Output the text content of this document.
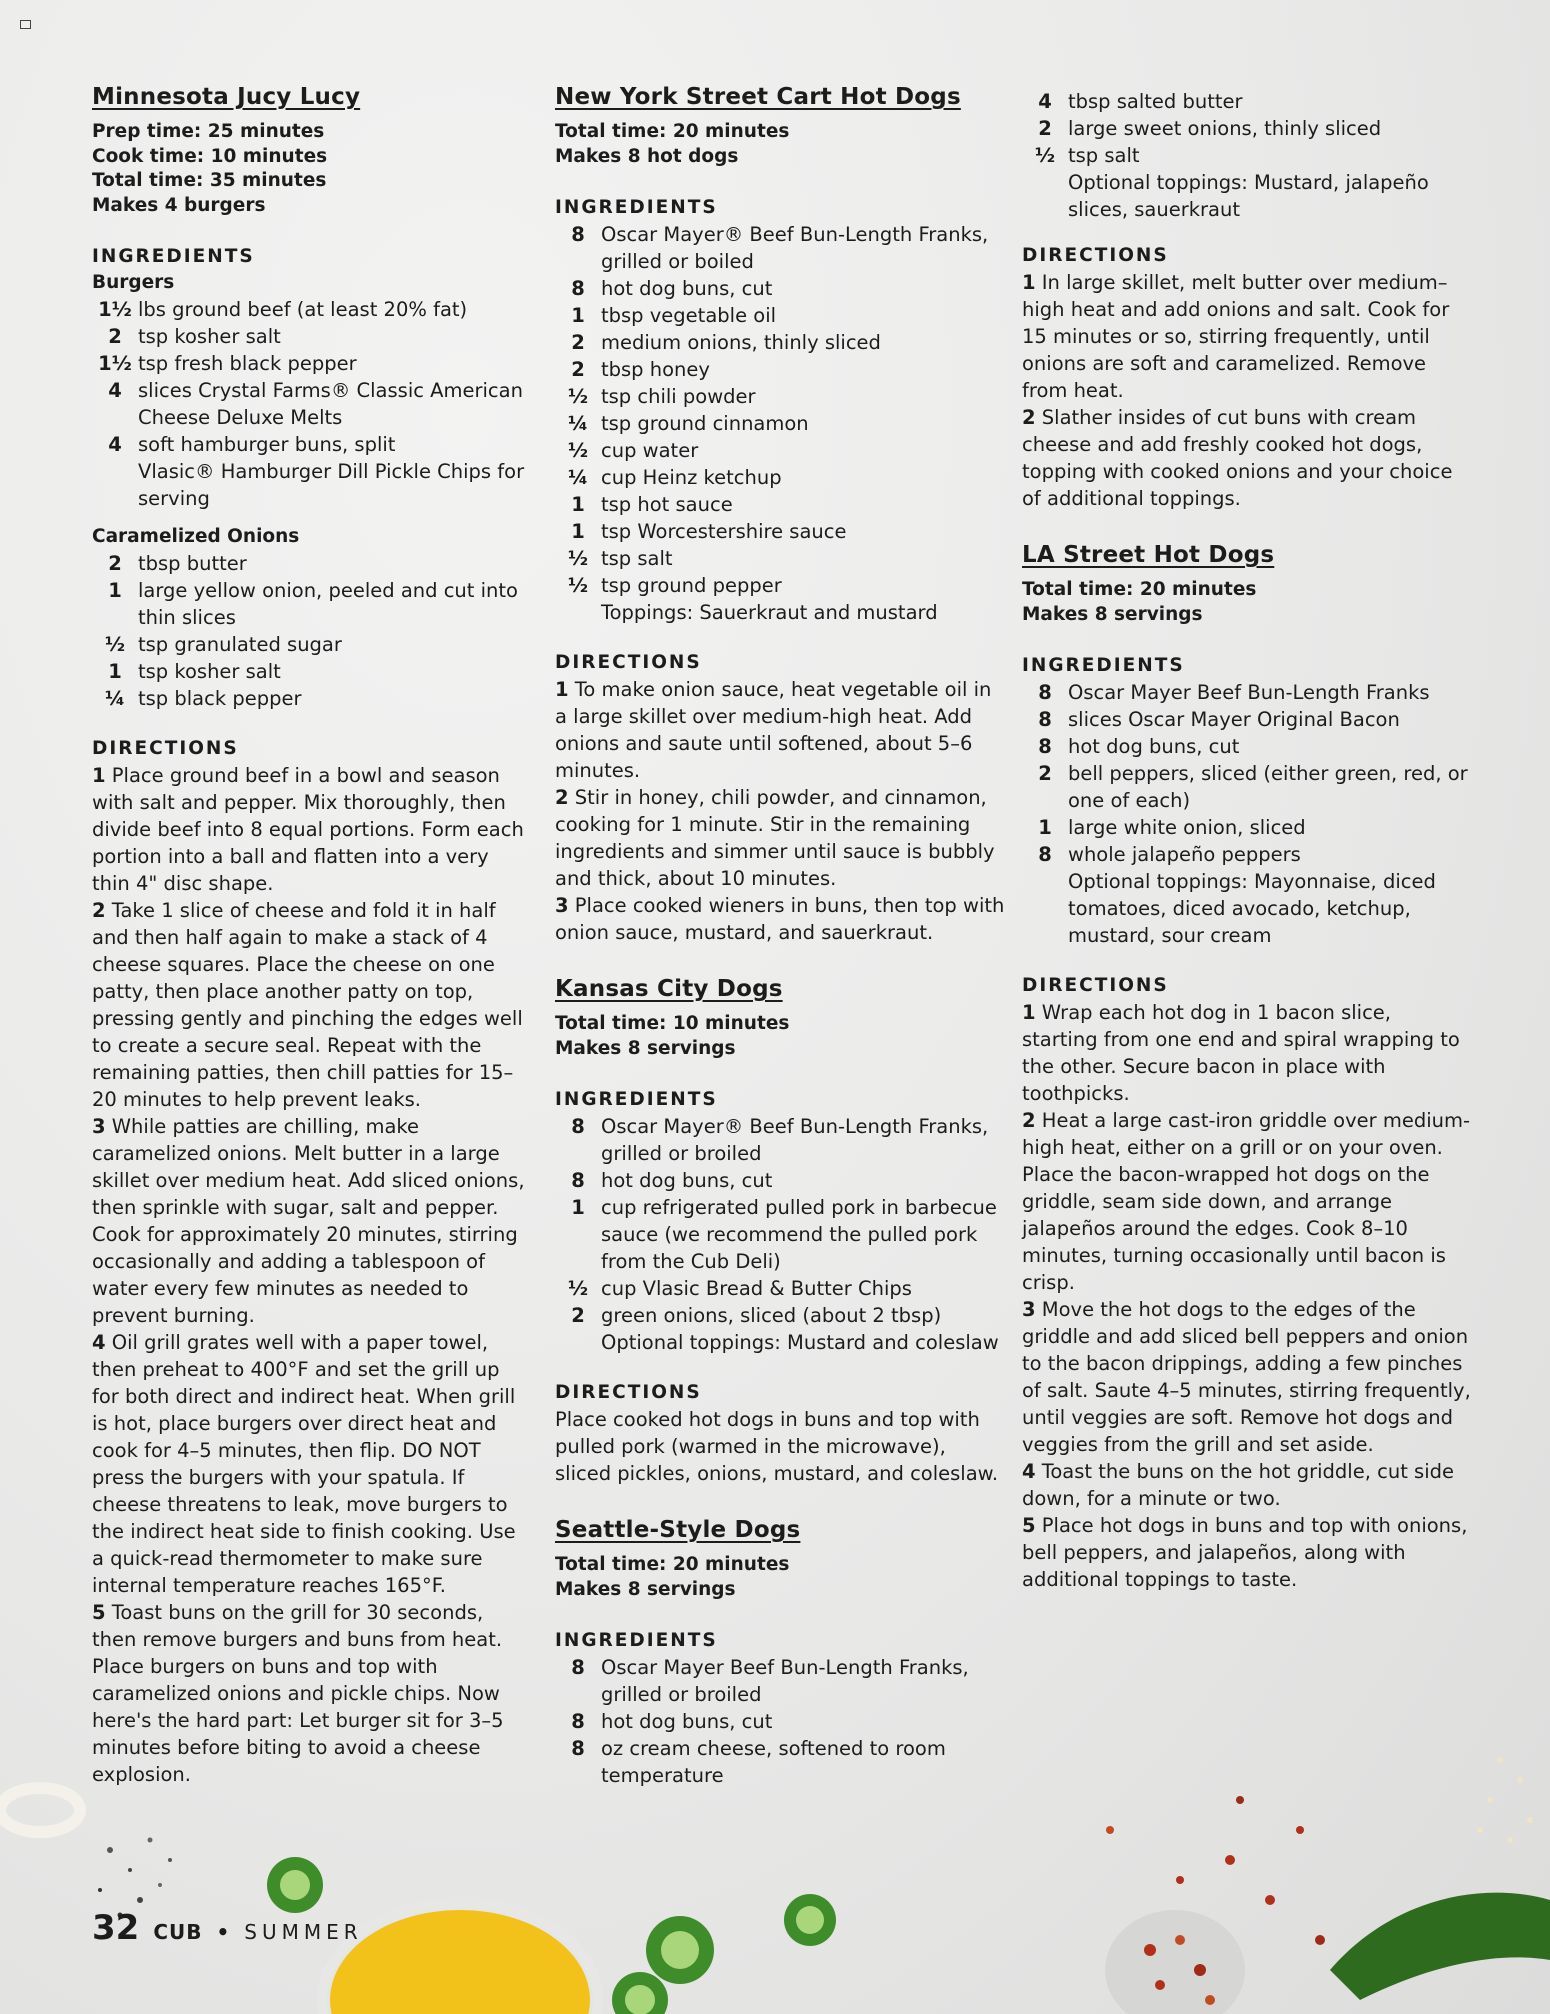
Minnesota Jucy Lucy
Prep time: 25 minutes
Cook time: 10 minutes
Total time: 35 minutes
Makes 4 burgers
INGREDIENTS
Burgers
1½ lbs ground beef (at least 20% fat)
2 tsp kosher salt
1½ tsp fresh black pepper
4 slices Crystal Farms® Classic American Cheese Deluxe Melts
4 soft hamburger buns, split
Vlasic® Hamburger Dill Pickle Chips for serving
Caramelized Onions
2 tbsp butter
1 large yellow onion, peeled and cut into thin slices
½ tsp granulated sugar
1 tsp kosher salt
¼ tsp black pepper
DIRECTIONS
1 Place ground beef in a bowl and season with salt and pepper. Mix thoroughly, then divide beef into 8 equal portions. Form each portion into a ball and flatten into a very thin 4" disc shape.
2 Take 1 slice of cheese and fold it in half and then half again to make a stack of 4 cheese squares. Place the cheese on one patty, then place another patty on top, pressing gently and pinching the edges well to create a secure seal. Repeat with the remaining patties, then chill patties for 15–20 minutes to help prevent leaks.
3 While patties are chilling, make caramelized onions. Melt butter in a large skillet over medium heat. Add sliced onions, then sprinkle with sugar, salt and pepper. Cook for approximately 20 minutes, stirring occasionally and adding a tablespoon of water every few minutes as needed to prevent burning.
4 Oil grill grates well with a paper towel, then preheat to 400°F and set the grill up for both direct and indirect heat. When grill is hot, place burgers over direct heat and cook for 4–5 minutes, then flip. DO NOT press the burgers with your spatula. If cheese threatens to leak, move burgers to the indirect heat side to finish cooking. Use a quick-read thermometer to make sure internal temperature reaches 165°F.
5 Toast buns on the grill for 30 seconds, then remove burgers and buns from heat. Place burgers on buns and top with caramelized onions and pickle chips. Now here's the hard part: Let burger sit for 3–5 minutes before biting to avoid a cheese explosion.
New York Street Cart Hot Dogs
Total time: 20 minutes
Makes 8 hot dogs
INGREDIENTS
8 Oscar Mayer® Beef Bun-Length Franks, grilled or boiled
8 hot dog buns, cut
1 tbsp vegetable oil
2 medium onions, thinly sliced
2 tbsp honey
½ tsp chili powder
¼ tsp ground cinnamon
½ cup water
¼ cup Heinz ketchup
1 tsp hot sauce
1 tsp Worcestershire sauce
½ tsp salt
½ tsp ground pepper
Toppings: Sauerkraut and mustard
DIRECTIONS
1 To make onion sauce, heat vegetable oil in a large skillet over medium-high heat. Add onions and saute until softened, about 5–6 minutes.
2 Stir in honey, chili powder, and cinnamon, cooking for 1 minute. Stir in the remaining ingredients and simmer until sauce is bubbly and thick, about 10 minutes.
3 Place cooked wieners in buns, then top with onion sauce, mustard, and sauerkraut.
Kansas City Dogs
Total time: 10 minutes
Makes 8 servings
INGREDIENTS
8 Oscar Mayer® Beef Bun-Length Franks, grilled or broiled
8 hot dog buns, cut
1 cup refrigerated pulled pork in barbecue sauce (we recommend the pulled pork from the Cub Deli)
½ cup Vlasic Bread & Butter Chips
2 green onions, sliced (about 2 tbsp)
Optional toppings: Mustard and coleslaw
DIRECTIONS
Place cooked hot dogs in buns and top with pulled pork (warmed in the microwave), sliced pickles, onions, mustard, and coleslaw.
Seattle-Style Dogs
Total time: 20 minutes
Makes 8 servings
INGREDIENTS
8 Oscar Mayer Beef Bun-Length Franks, grilled or broiled
8 hot dog buns, cut
8 oz cream cheese, softened to room temperature
4 tbsp salted butter
2 large sweet onions, thinly sliced
½ tsp salt
Optional toppings: Mustard, jalapeño slices, sauerkraut
DIRECTIONS
1 In large skillet, melt butter over medium–high heat and add onions and salt. Cook for 15 minutes or so, stirring frequently, until onions are soft and caramelized. Remove from heat.
2 Slather insides of cut buns with cream cheese and add freshly cooked hot dogs, topping with cooked onions and your choice of additional toppings.
LA Street Hot Dogs
Total time: 20 minutes
Makes 8 servings
INGREDIENTS
8 Oscar Mayer Beef Bun-Length Franks
8 slices Oscar Mayer Original Bacon
8 hot dog buns, cut
2 bell peppers, sliced (either green, red, or one of each)
1 large white onion, sliced
8 whole jalapeño peppers
Optional toppings: Mayonnaise, diced tomatoes, diced avocado, ketchup, mustard, sour cream
DIRECTIONS
1 Wrap each hot dog in 1 bacon slice, starting from one end and spiral wrapping to the other. Secure bacon in place with toothpicks.
2 Heat a large cast-iron griddle over medium-high heat, either on a grill or on your oven. Place the bacon-wrapped hot dogs on the griddle, seam side down, and arrange jalapeños around the edges. Cook 8–10 minutes, turning occasionally until bacon is crisp.
3 Move the hot dogs to the edges of the griddle and add sliced bell peppers and onion to the bacon drippings, adding a few pinches of salt. Saute 4–5 minutes, stirring frequently, until veggies are soft. Remove hot dogs and veggies from the grill and set aside.
4 Toast the buns on the hot griddle, cut side down, for a minute or two.
5 Place hot dogs in buns and top with onions, bell peppers, and jalapeños, along with additional toppings to taste.
32 CUB • SUMMER
